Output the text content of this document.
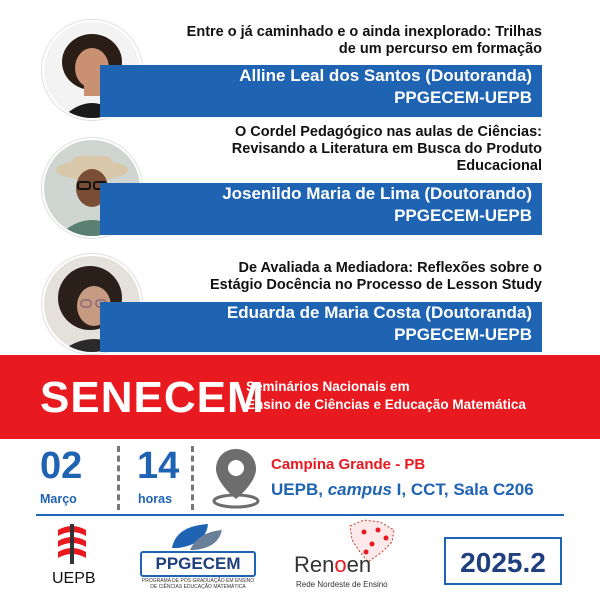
Entre o já caminhado e o ainda inexplorado: Trilhas
de um percurso em formação
Alline Leal dos Santos (Doutoranda)
PPGECEM-UEPB
O Cordel Pedagógico nas aulas de Ciências:
Revisando a Literatura em Busca do Produto
Educacional
Josenildo Maria de Lima (Doutorando)
PPGECEM-UEPB
De Avaliada a Mediadora: Reflexões sobre o
Estágio Docência no Processo de Lesson Study
Eduarda de Maria Costa (Doutoranda)
PPGECEM-UEPB
SENECEM
Seminários Nacionais em
Ensino de Ciências e Educação Matemática
02
Março
14
horas
Campina Grande - PB
UEPB, campus I, CCT, Sala C206
UEPB
PPGECEM
PROGRAMA DE PÓS GRADUAÇÃO EM ENSINO DE CIÊNCIAS EDUCAÇÃO MATEMÁTICA
Renoen
Rede Nordeste de Ensino
2025.2
